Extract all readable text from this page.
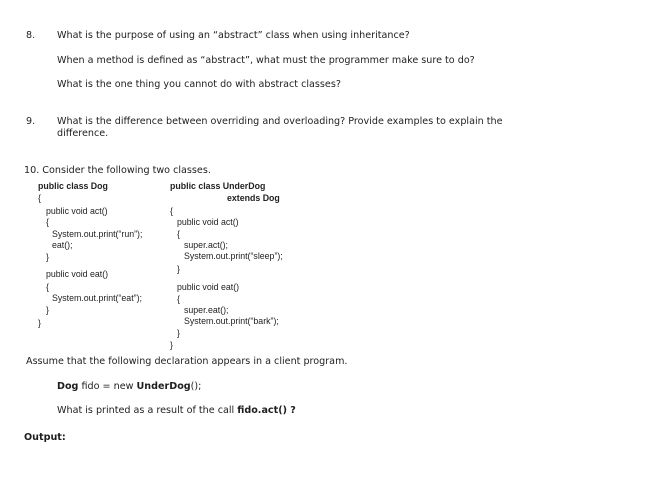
8. What is the purpose of using an “abstract” class when using inheritance?
When a method is defined as “abstract”, what must the programmer make sure to do?
What is the one thing you cannot do with abstract classes?
9. What is the difference between overriding and overloading? Provide examples to explain the difference.
10. Consider the following two classes.
public class Dog
{
public void act()
{
System.out.print(“run”);
eat();
}
public void eat()
{
System.out.print(“eat”);
}
}
public class UnderDog
extends Dog
{
public void act()
{
super.act();
System.out.print(“sleep”);
}
public void eat()
{
super.eat();
System.out.print(“bark”);
}
}
Assume that the following declaration appears in a client program.
Dog fido = new UnderDog();
What is printed as a result of the call fido.act() ?
Output:
